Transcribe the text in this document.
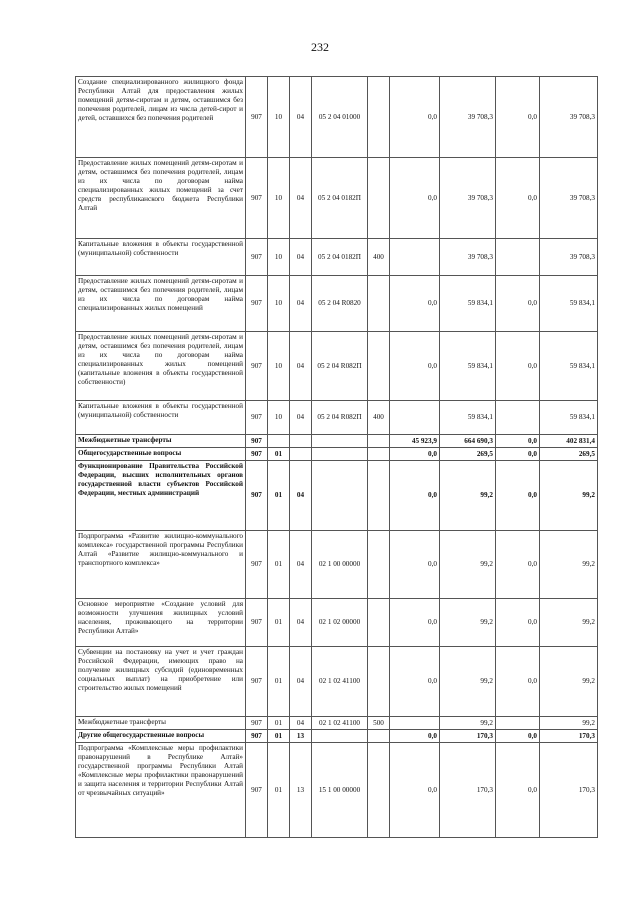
232
Создание специализированного жилищного фонда Республики Алтай для предоставления жилых помещений детям-сиротам и детям, оставшимся без попечения родителей, лицам из числа детей-сирот и детей, оставшихся без попечения родителей	907	10	04	05 2 04 01000		0,0	39 708,3	0,0	39 708,3
Предоставление жилых помещений детям-сиротам и детям, оставшимся без попечения родителей, лицам из их числа по договорам найма специализированных жилых помещений за счет средств республиканского бюджета Республики Алтай	907	10	04	05 2 04 0182П		0,0	39 708,3	0,0	39 708,3
Капитальные вложения в объекты государственной (муниципальной) собственности	907	10	04	05 2 04 0182П	400		39 708,3		39 708,3
Предоставление жилых помещений детям-сиротам и детям, оставшимся без попечения родителей, лицам из их числа по договорам найма специализированных жилых помещений	907	10	04	05 2 04 R0820		0,0	59 834,1	0,0	59 834,1
Предоставление жилых помещений детям-сиротам и детям, оставшимся без попечения родителей, лицам из их числа по договорам найма специализированных жилых помещений (капитальные вложения в объекты государственной собственности)	907	10	04	05 2 04 R082П		0,0	59 834,1	0,0	59 834,1
Капитальные вложения в объекты государственной (муниципальной) собственности	907	10	04	05 2 04 R082П	400		59 834,1		59 834,1
Межбюджетные трансферты	907					45 923,9	664 690,3	0,0	402 831,4
Общегосударственные вопросы	907	01				0,0	269,5	0,0	269,5
Функционирование Правительства Российской Федерации, высших исполнительных органов государственной власти субъектов Российской Федерации, местных администраций	907	01	04			0,0	99,2	0,0	99,2
Подпрограмма «Развитие жилищно-коммунального комплекса» государственной программы Республики Алтай «Развитие жилищно-коммунального и транспортного комплекса»	907	01	04	02 1 00 00000		0,0	99,2	0,0	99,2
Основное мероприятие «Создание условий для возможности улучшения жилищных условий населения, проживающего на территории Республики Алтай»	907	01	04	02 1 02 00000		0,0	99,2	0,0	99,2
Субвенции на постановку на учет и учет граждан Российской Федерации, имеющих право на получение жилищных субсидий (единовременных социальных выплат) на приобретение или строительство жилых помещений	907	01	04	02 1 02 41100		0,0	99,2	0,0	99,2
Межбюджетные трансферты	907	01	04	02 1 02 41100	500		99,2		99,2
Другие общегосударственные вопросы	907	01	13			0,0	170,3	0,0	170,3
Подпрограмма «Комплексные меры профилактики правонарушений в Республике Алтай» государственной программы Республики Алтай «Комплексные меры профилактики правонарушений и защита населения и территории Республики Алтай от чрезвычайных ситуаций»	907	01	13	15 1 00 00000		0,0	170,3	0,0	170,3
